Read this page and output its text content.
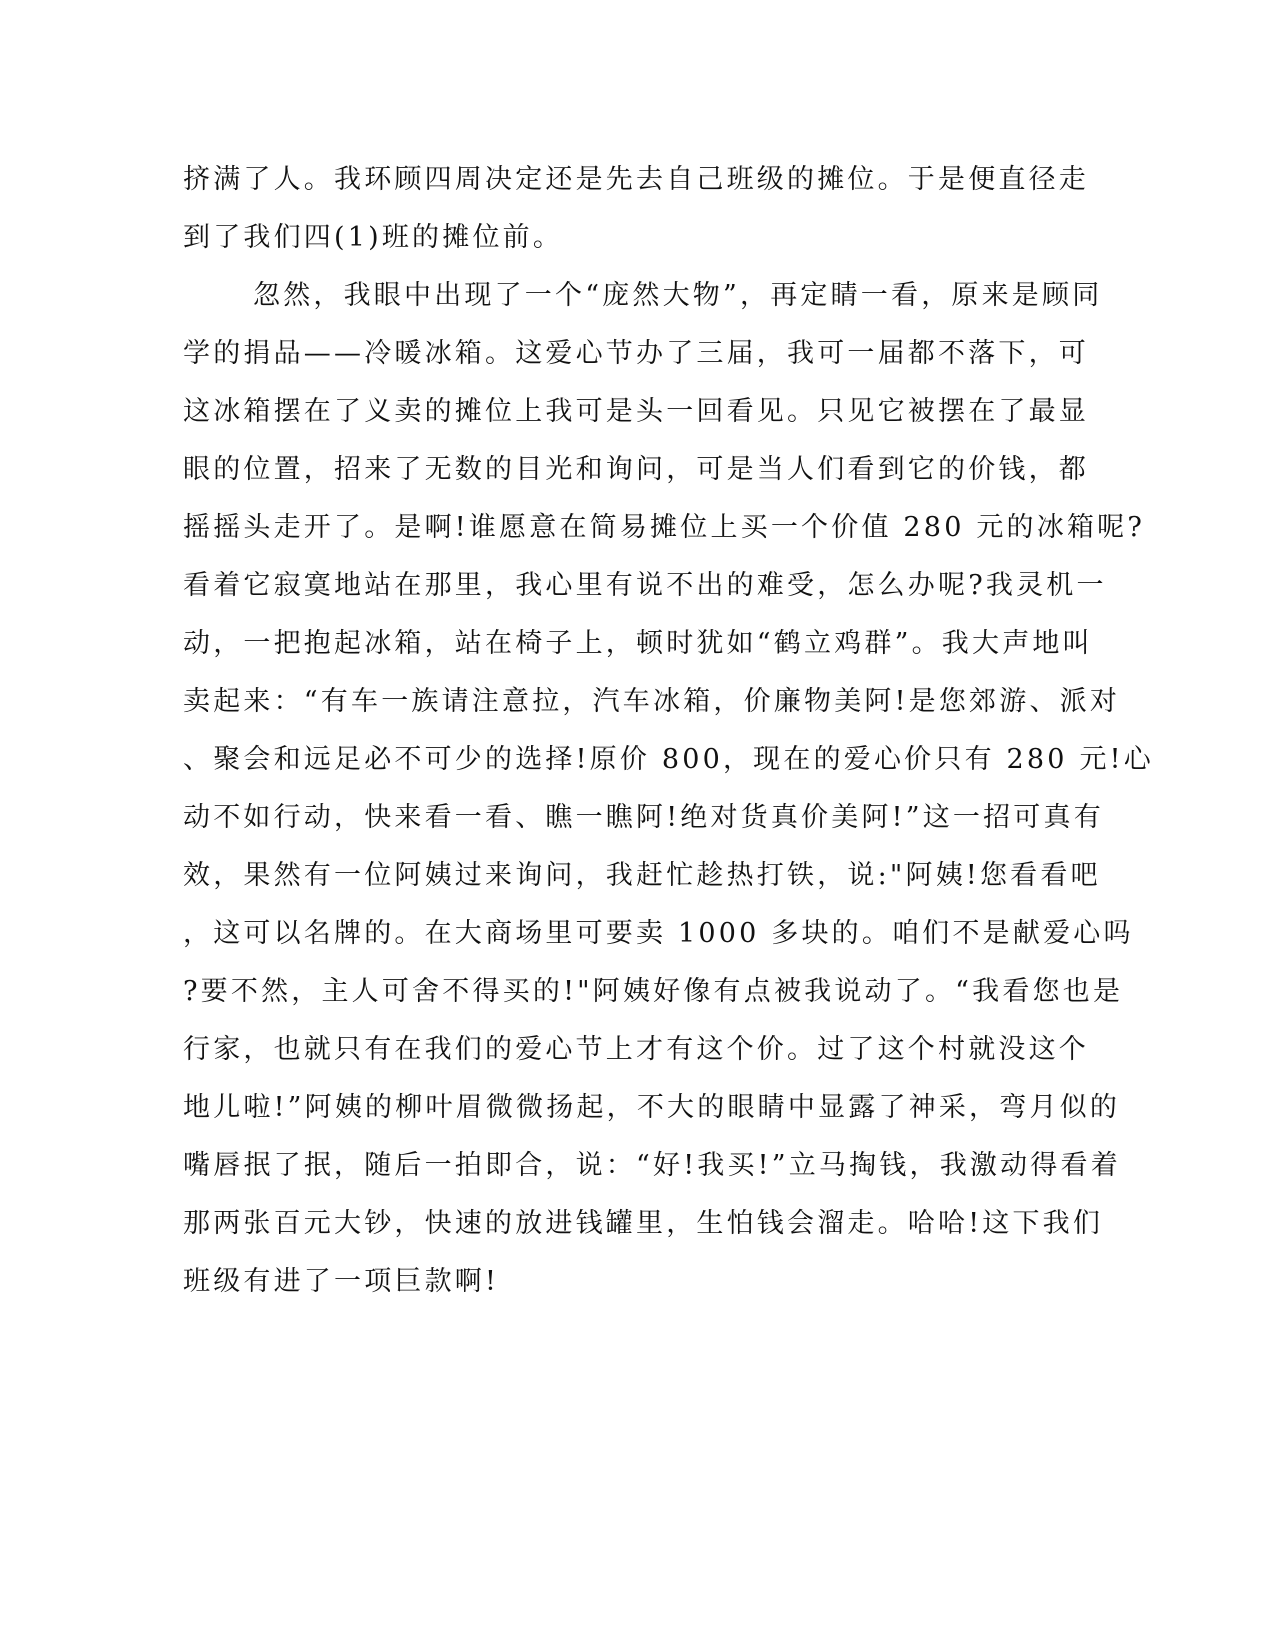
挤满了人。我环顾四周决定还是先去自己班级的摊位。于是便直径走
到了我们四(1)班的摊位前。
忽然，我眼中出现了一个“庞然大物”，再定睛一看，原来是顾同
学的捐品——冷暖冰箱。这爱心节办了三届，我可一届都不落下，可
这冰箱摆在了义卖的摊位上我可是头一回看见。只见它被摆在了最显
眼的位置，招来了无数的目光和询问，可是当人们看到它的价钱，都
摇摇头走开了。是啊!谁愿意在简易摊位上买一个价值 280 元的冰箱呢?
看着它寂寞地站在那里，我心里有说不出的难受，怎么办呢?我灵机一
动，一把抱起冰箱，站在椅子上，顿时犹如“鹤立鸡群”。我大声地叫
卖起来：“有车一族请注意拉，汽车冰箱，价廉物美阿!是您郊游、派对
、聚会和远足必不可少的选择!原价 800，现在的爱心价只有 280 元!心
动不如行动，快来看一看、瞧一瞧阿!绝对货真价美阿!”这一招可真有
效，果然有一位阿姨过来询问，我赶忙趁热打铁，说:"阿姨!您看看吧
，这可以名牌的。在大商场里可要卖 1000 多块的。咱们不是献爱心吗
?要不然，主人可舍不得买的!"阿姨好像有点被我说动了。“我看您也是
行家，也就只有在我们的爱心节上才有这个价。过了这个村就没这个
地儿啦!”阿姨的柳叶眉微微扬起，不大的眼睛中显露了神采，弯月似的
嘴唇抿了抿，随后一拍即合，说：“好!我买!”立马掏钱，我激动得看着
那两张百元大钞，快速的放进钱罐里，生怕钱会溜走。哈哈!这下我们
班级有进了一项巨款啊!
